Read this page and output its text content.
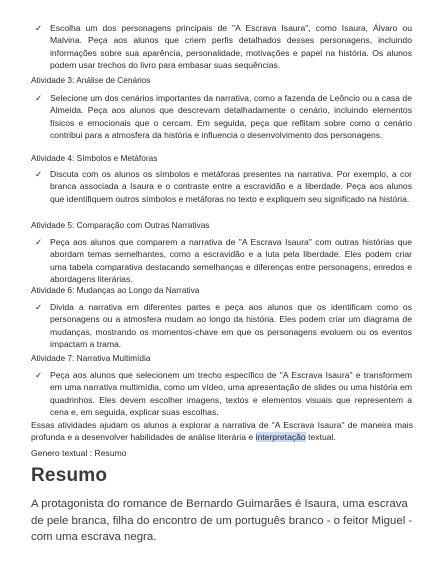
✓ Escolha um dos personagens principais de "A Escrava Isaura", como Isaura, Álvaro ou Malvina. Peça aos alunos que criem perfis detalhados desses personagens, incluindo informações sobre sua aparência, personalidade, motivações e papel na história. Os alunos podem usar trechos do livro para embasar suas sequências.
Atividade 3: Análise de Cenários
✓ Selecione um dos cenários importantes da narrativa, como a fazenda de Leôncio ou a casa de Almeida. Peça aos alunos que descrevam detalhadamente o cenário, incluindo elementos físicos e emocionais que o cercam. Em seguida, peça que reflitam sobre como o cenário contribui para a atmosfera da história e influencia o desenvolvimento dos personagens.
Atividade 4: Símbolos e Metáforas
✓ Discuta com os alunos os símbolos e metáforas presentes na narrativa. Por exemplo, a cor branca associada a Isaura e o contraste entre a escravidão e a liberdade. Peça aos alunos que identifiquem outros símbolos e metáforas no texto e expliquem seu significado na história.
Atividade 5: Comparação com Outras Narrativas
✓ Peça aos alunos que comparem a narrativa de "A Escrava Isaura" com outras histórias que abordam temas semelhantes, como a escravidão e a luta pela liberdade. Eles podem criar uma tabela comparativa destacando semelhanças e diferenças entre personagens, enredos e abordagens literárias.
Atividade 6: Mudanças ao Longo da Narrativa
✓ Divida a narrativa em diferentes partes e peça aos alunos que os identificam como os personagens ou a atmosfera mudam ao longo da história. Eles podem criar um diagrama de mudanças, mostrando os momentos-chave em que os personagens evoluem ou os eventos impactam a trama.
Atividade 7: Narrativa Multimídia
✓ Peça aos alunos que selecionem um trecho específico de "A Escrava Isaura" e transformem em uma narrativa multimídia, como um vídeo, uma apresentação de slides ou uma história em quadrinhos. Eles devem escolher imagens, textos e elementos visuais que representem a cena e, em seguida, explicar suas escolhas.
Essas atividades ajudam os alunos a explorar a narrativa de "A Escrava Isaura" de maneira mais profunda e a desenvolver habilidades de análise literária e interpretação textual.
Genero textual : Resumo
Resumo
A protagonista do romance de Bernardo Guimarães é Isaura, uma escrava de pele branca, filha do encontro de um português branco - o feitor Miguel - com uma escrava negra.
